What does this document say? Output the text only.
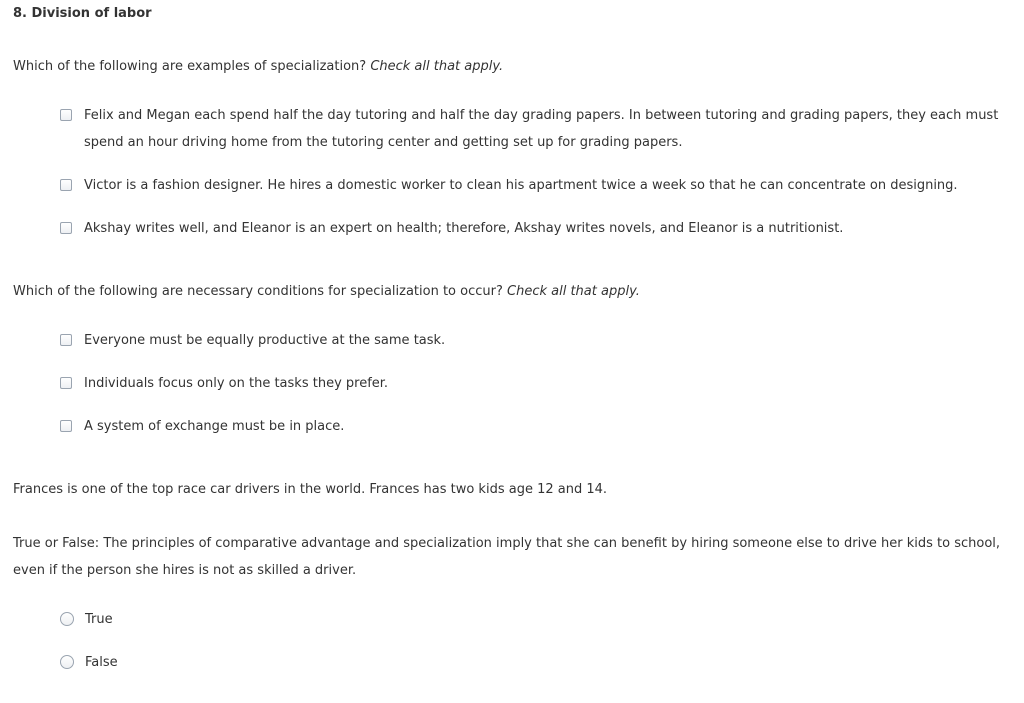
8. Division of labor
Which of the following are examples of specialization? Check all that apply.
Felix and Megan each spend half the day tutoring and half the day grading papers. In between tutoring and grading papers, they each must spend an hour driving home from the tutoring center and getting set up for grading papers.
Victor is a fashion designer. He hires a domestic worker to clean his apartment twice a week so that he can concentrate on designing.
Akshay writes well, and Eleanor is an expert on health; therefore, Akshay writes novels, and Eleanor is a nutritionist.
Which of the following are necessary conditions for specialization to occur? Check all that apply.
Everyone must be equally productive at the same task.
Individuals focus only on the tasks they prefer.
A system of exchange must be in place.
Frances is one of the top race car drivers in the world. Frances has two kids age 12 and 14.
True or False: The principles of comparative advantage and specialization imply that she can benefit by hiring someone else to drive her kids to school, even if the person she hires is not as skilled a driver.
True
False
